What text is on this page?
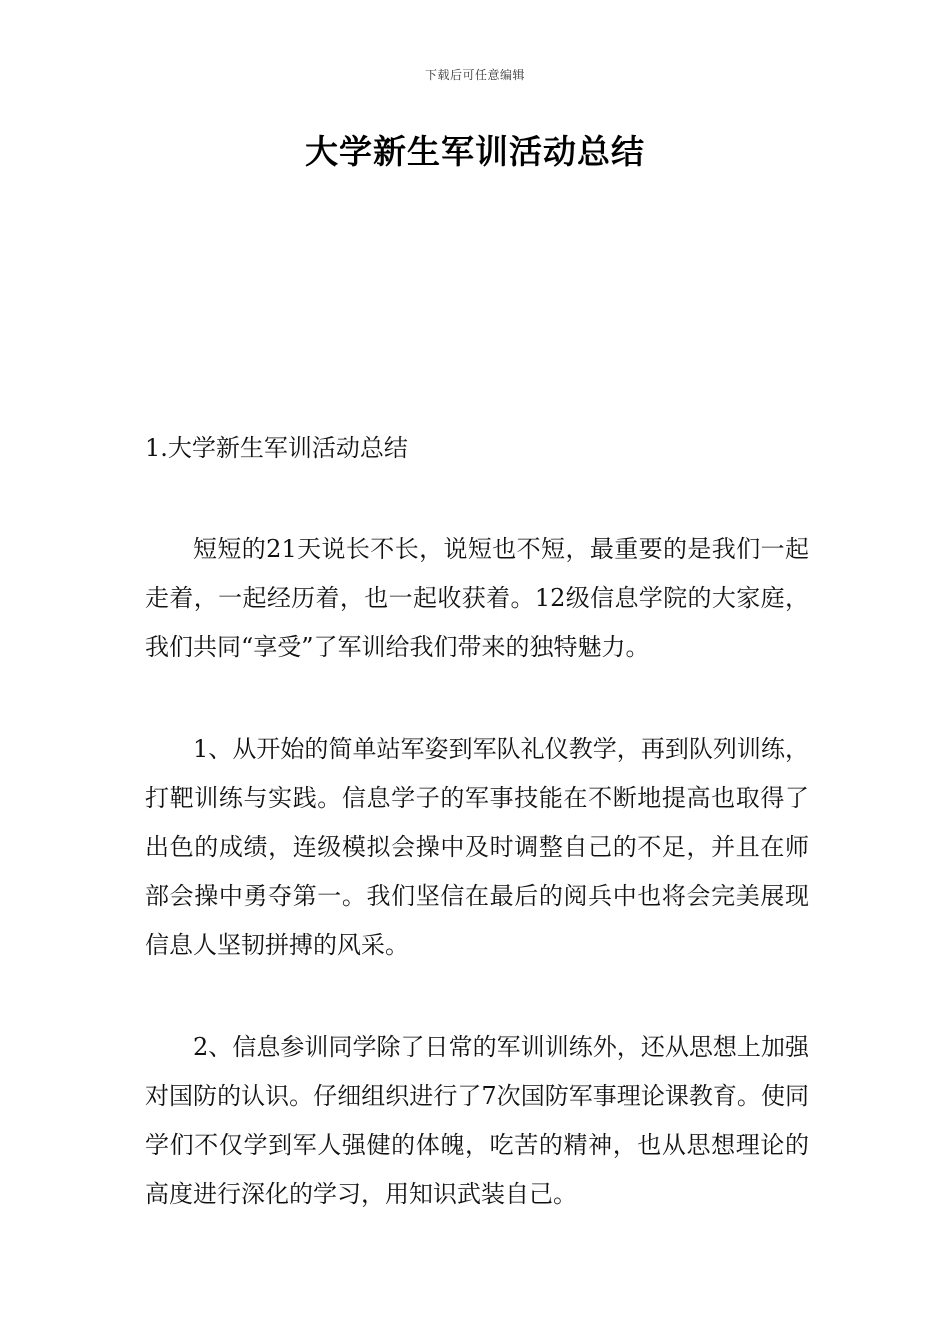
下载后可任意编辑
大学新生军训活动总结
1.大学新生军训活动总结

短短的21天说长不长，说短也不短，最重要的是我们一起走着，一起经历着，也一起收获着。12级信息学院的大家庭，我们共同“享受”了军训给我们带来的独特魅力。

1、从开始的简单站军姿到军队礼仪教学，再到队列训练，打靶训练与实践。信息学子的军事技能在不断地提高也取得了出色的成绩，连级模拟会操中及时调整自己的不足，并且在师部会操中勇夺第一。我们坚信在最后的阅兵中也将会完美展现信息人坚韧拼搏的风采。

2、信息参训同学除了日常的军训训练外，还从思想上加强对国防的认识。仔细组织进行了7次国防军事理论课教育。使同学们不仅学到军人强健的体魄，吃苦的精神，也从思想理论的高度进行深化的学习，用知识武装自己。
